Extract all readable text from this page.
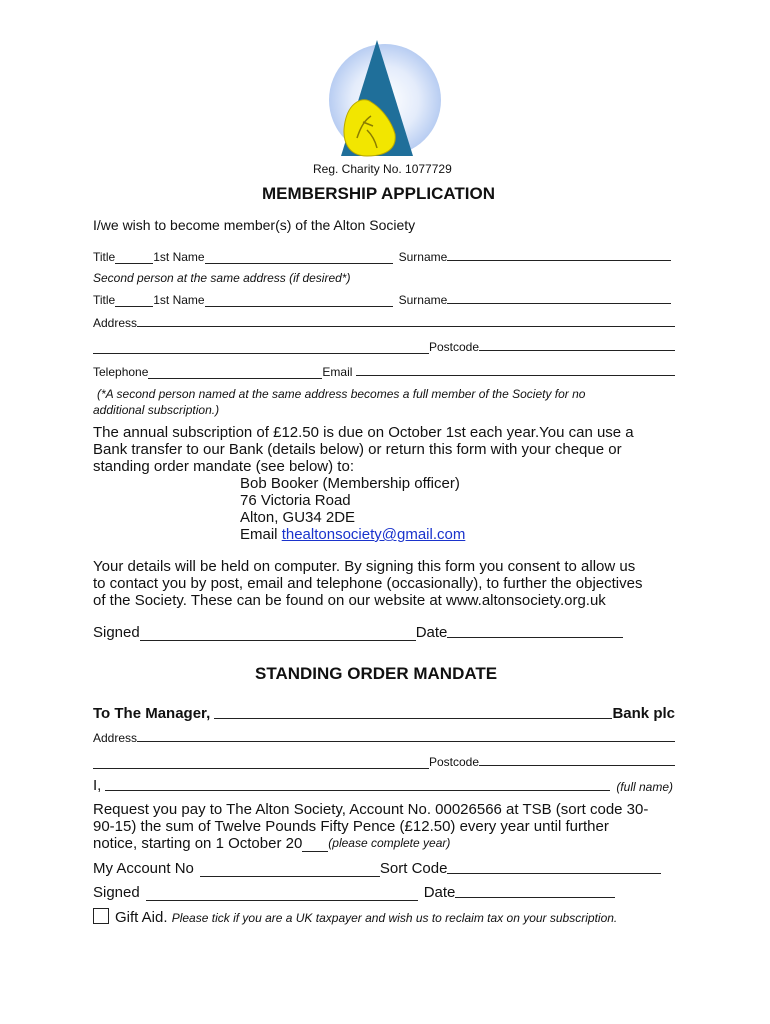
Reg. Charity No. 1077729
MEMBERSHIP APPLICATION
I/we wish to become member(s) of the Alton Society
Title	1st Name	Surname
Second person at the same address (if desired*)
Title	1st Name	Surname
Address
Postcode
Telephone	Email
(*A second person named at the same address becomes a full member of the Society for no
additional subscription.)
The annual subscription of £12.50 is due on October 1st each year.You can use a
Bank transfer to our Bank (details below) or return this form with your cheque or
standing order mandate (see below) to:
Bob Booker (Membership officer)
76 Victoria Road
Alton, GU34 2DE
Email thealtonsociety@gmail.com
Your details will be held on computer. By signing this form you consent to allow us
to contact you by post, email and telephone (occasionally), to further the objectives
of the Society. These can be found on our website at www.altonsociety.org.uk
Signed	Date
STANDING ORDER MANDATE
To The Manager,	Bank plc
Address
Postcode
I,	(full name)
Request you pay to The Alton Society, Account No. 00026566 at TSB (sort code 30-
90-15) the sum of Twelve Pounds Fifty Pence (£12.50) every year until further
notice, starting on 1 October 20 (please complete year)
My Account No	Sort Code
Signed	Date
Gift Aid. Please tick if you are a UK taxpayer and wish us to reclaim tax on your subscription.
